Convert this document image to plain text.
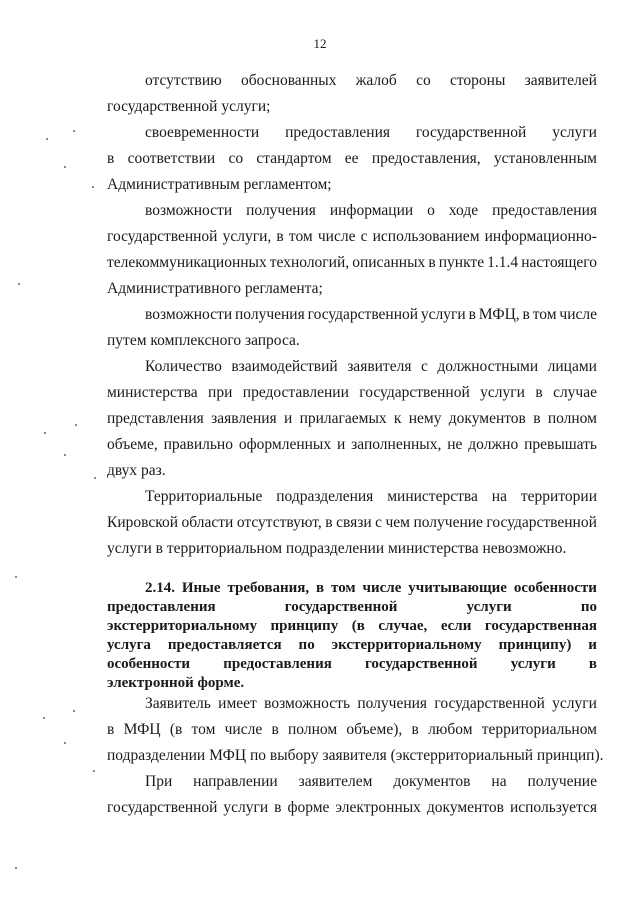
12
отсутствию обоснованных жалоб со стороны заявителей
государственной услуги;
своевременности предоставления государственной услуги
в соответствии со стандартом ее предоставления, установленным
Административным регламентом;
возможности получения информации о ходе предоставления
государственной услуги, в том числе с использованием информационно-
телекоммуникационных технологий, описанных в пункте 1.1.4 настоящего
Административного регламента;
возможности получения государственной услуги в МФЦ, в том числе
путем комплексного запроса.
Количество взаимодействий заявителя с должностными лицами
министерства при предоставлении государственной услуги в случае
представления заявления и прилагаемых к нему документов в полном
объеме, правильно оформленных и заполненных, не должно превышать
двух раз.
Территориальные подразделения министерства на территории
Кировской области отсутствуют, в связи с чем получение государственной
услуги в территориальном подразделении министерства невозможно.
2.14. Иные требования, в том числе учитывающие особенности
предоставления	государственной	услуги	по
экстерриториальному принципу (в случае, если государственная
услуга предоставляется по экстерриториальному принципу) и
особенности предоставления государственной услуги в
электронной форме.
Заявитель имеет возможность получения государственной услуги
в МФЦ (в том числе в полном объеме), в любом территориальном
подразделении МФЦ по выбору заявителя (экстерриториальный принцип).
При направлении заявителем документов на получение
государственной услуги в форме электронных документов используется
